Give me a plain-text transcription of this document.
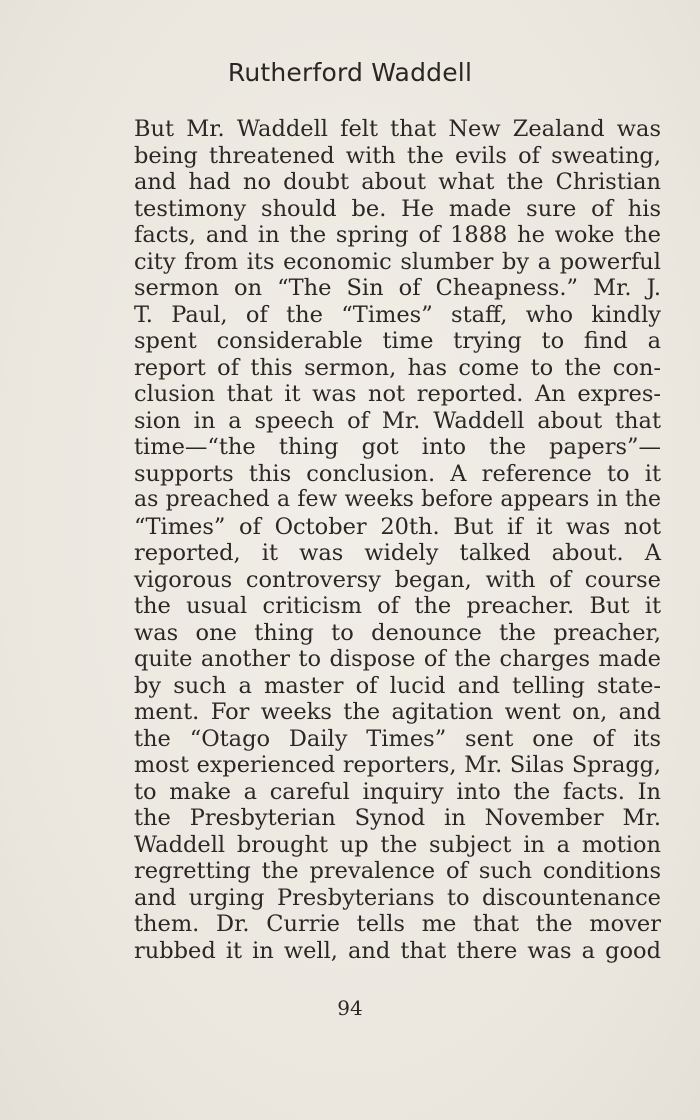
Rutherford Waddell
But Mr. Waddell felt that New Zealand was
being threatened with the evils of sweating,
and had no doubt about what the Christian
testimony should be. He made sure of his
facts, and in the spring of 1888 he woke the
city from its economic slumber by a powerful
sermon on “The Sin of Cheapness.” Mr. J.
T. Paul, of the “Times” staff, who kindly
spent considerable time trying to find a
report of this sermon, has come to the con-
clusion that it was not reported. An expres-
sion in a speech of Mr. Waddell about that
time—“the thing got into the papers”—
supports this conclusion. A reference to it
as preached a few weeks before appears in the
“Times” of October 20th. But if it was not
reported, it was widely talked about. A
vigorous controversy began, with of course
the usual criticism of the preacher. But it
was one thing to denounce the preacher,
quite another to dispose of the charges made
by such a master of lucid and telling state-
ment. For weeks the agitation went on, and
the “Otago Daily Times” sent one of its
most experienced reporters, Mr. Silas Spragg,
to make a careful inquiry into the facts. In
the Presbyterian Synod in November Mr.
Waddell brought up the subject in a motion
regretting the prevalence of such conditions
and urging Presbyterians to discountenance
them. Dr. Currie tells me that the mover
rubbed it in well, and that there was a good
94
